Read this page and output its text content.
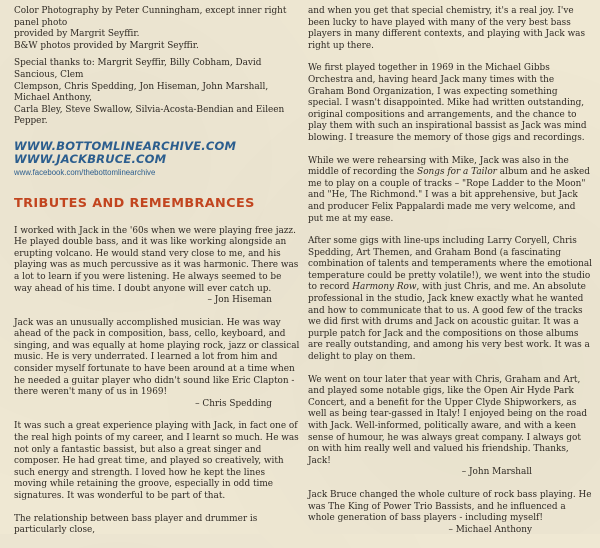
Color Photography by Peter Cunningham, except inner right panel photo
provided by Margrit Seyffir.
B&W photos provided by Margrit Seyffir.

Special thanks to: Margrit Seyffir, Billy Cobham, David Sancious, Clem
Clempson, Chris Spedding, Jon Hiseman, John Marshall, Michael Anthony,
Carla Bley, Steve Swallow, Silvia-Acosta-Bendian and Eileen Pepper.

WWW.BOTTOMLINEARCHIVE.COM
WWW.JACKBRUCE.COM
www.facebook.com/thebottomlinearchive
TRIBUTES AND REMEMBRANCES

I worked with Jack in the '60s when we were playing free jazz. He played double bass, and it was like working alongside an erupting volcano. He would stand very close to me, and his playing was as much percussive as it was harmonic. There was a lot to learn if you were listening. He always seemed to be way ahead of his time. I doubt anyone will ever catch up.
– Jon Hiseman

Jack was an unusually accomplished musician. He was way ahead of the pack in composition, bass, cello, keyboard, and singing, and was equally at home playing rock, jazz or classical music. He is very underrated. I learned a lot from him and consider myself fortunate to have been around at a time when he needed a guitar player who didn't sound like Eric Clapton - there weren't many of us in 1969!
– Chris Spedding

It was such a great experience playing with Jack, in fact one of the real high points of my career, and I learnt so much. He was not only a fantastic bassist, but also a great singer and composer. He had great time, and played so creatively, with such energy and strength. I loved how he kept the lines moving while retaining the groove, especially in odd time signatures. It was wonderful to be part of that.

The relationship between bass player and drummer is particularly close,

and when you get that special chemistry, it's a real joy. I've been lucky to have played with many of the very best bass players in many different contexts, and playing with Jack was right up there.

We first played together in 1969 in the Michael Gibbs Orchestra and, having heard Jack many times with the Graham Bond Organization, I was expecting something special. I wasn't disappointed. Mike had written outstanding, original compositions and arrangements, and the chance to play them with such an inspirational bassist as Jack was mind blowing. I treasure the memory of those gigs and recordings.

While we were rehearsing with Mike, Jack was also in the middle of recording the Songs for a Tailor album and he asked me to play on a couple of tracks – "Rope Ladder to the Moon" and "He, The Richmond." I was a bit apprehensive, but Jack and producer Felix Pappalardi made me very welcome, and put me at my ease.

After some gigs with line-ups including Larry Coryell, Chris Spedding, Art Themen, and Graham Bond (a fascinating combination of talents and temperaments where the emotional temperature could be pretty volatile!), we went into the studio to record Harmony Row, with just Chris, and me. An absolute professional in the studio, Jack knew exactly what he wanted and how to communicate that to us. A good few of the tracks we did first with drums and Jack on acoustic guitar. It was a purple patch for Jack and the compositions on those albums are really outstanding, and among his very best work. It was a delight to play on them.

We went on tour later that year with Chris, Graham and Art, and played some notable gigs, like the Open Air Hyde Park Concert, and a benefit for the Upper Clyde Shipworkers, as well as being tear-gassed in Italy! I enjoyed being on the road with Jack. Well-informed, politically aware, and with a keen sense of humour, he was always great company. I always got on with him really well and valued his friendship. Thanks, Jack!
– John Marshall

Jack Bruce changed the whole culture of rock bass playing. He was The King of Power Trio Bassists, and he influenced a whole generation of bass players - including myself!
– Michael Anthony
